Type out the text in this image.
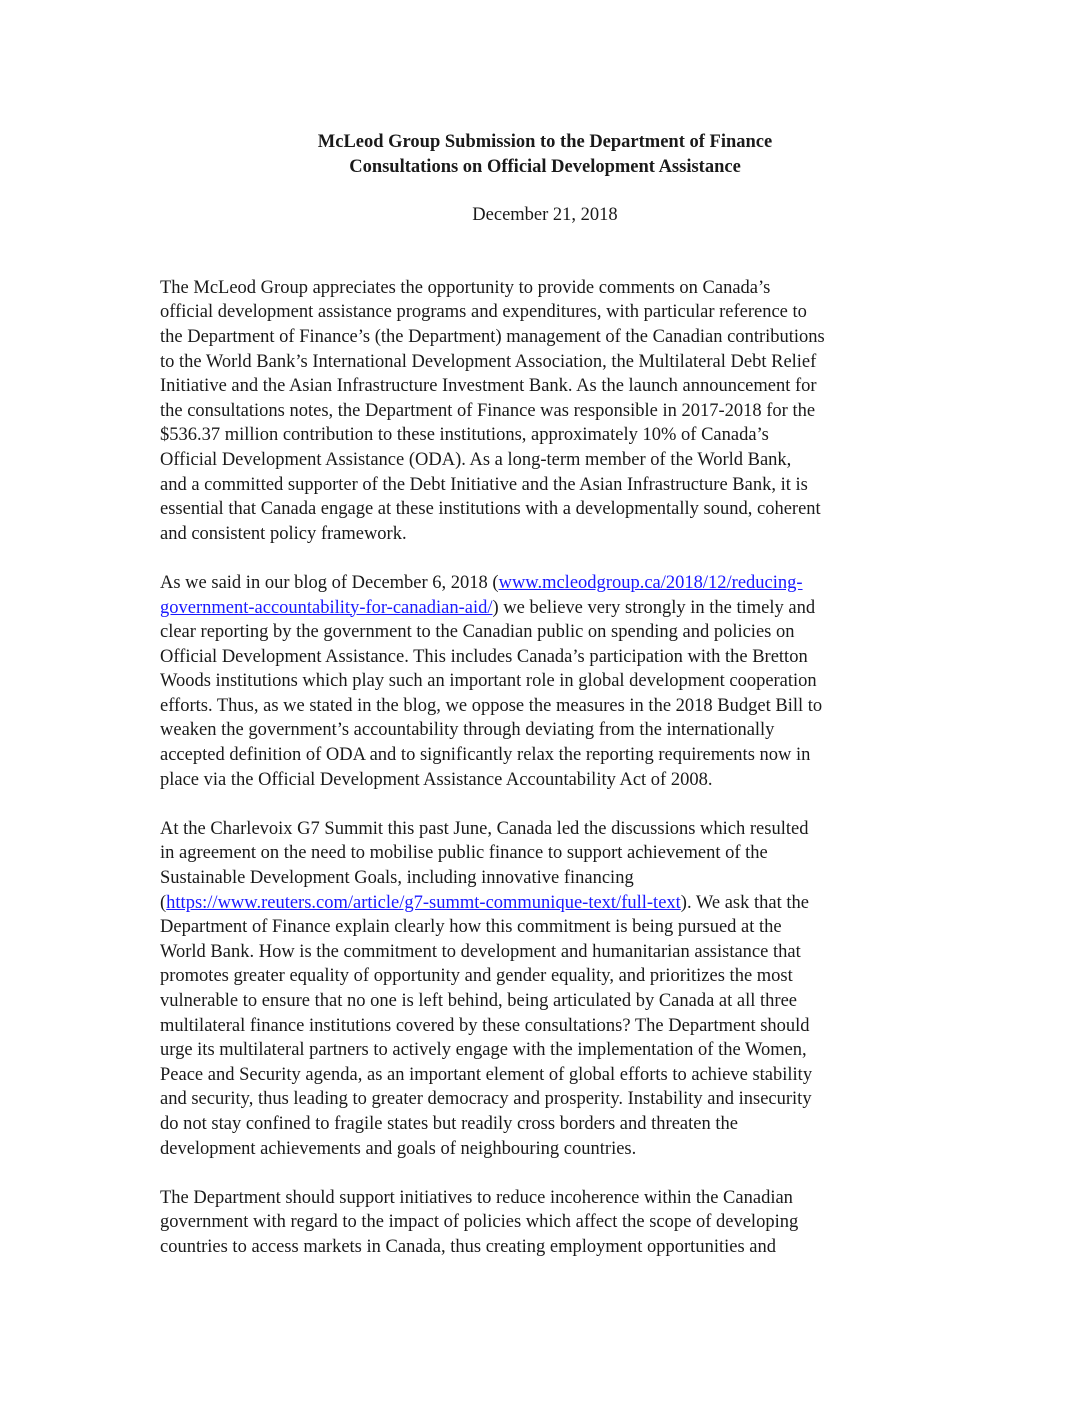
McLeod Group Submission to the Department of Finance
Consultations on Official Development Assistance

December 21, 2018

The McLeod Group appreciates the opportunity to provide comments on Canada’s
official development assistance programs and expenditures, with particular reference to
the Department of Finance’s (the Department) management of the Canadian contributions
to the World Bank’s International Development Association, the Multilateral Debt Relief
Initiative and the Asian Infrastructure Investment Bank. As the launch announcement for
the consultations notes, the Department of Finance was responsible in 2017-2018 for the
$536.37 million contribution to these institutions, approximately 10% of Canada’s
Official Development Assistance (ODA). As a long-term member of the World Bank,
and a committed supporter of the Debt Initiative and the Asian Infrastructure Bank, it is
essential that Canada engage at these institutions with a developmentally sound, coherent
and consistent policy framework.

As we said in our blog of December 6, 2018 (www.mcleodgroup.ca/2018/12/reducing-
government-accountability-for-canadian-aid/) we believe very strongly in the timely and
clear reporting by the government to the Canadian public on spending and policies on
Official Development Assistance. This includes Canada’s participation with the Bretton
Woods institutions which play such an important role in global development cooperation
efforts. Thus, as we stated in the blog, we oppose the measures in the 2018 Budget Bill to
weaken the government’s accountability through deviating from the internationally
accepted definition of ODA and to significantly relax the reporting requirements now in
place via the Official Development Assistance Accountability Act of 2008.

At the Charlevoix G7 Summit this past June, Canada led the discussions which resulted
in agreement on the need to mobilise public finance to support achievement of the
Sustainable Development Goals, including innovative financing
(https://www.reuters.com/article/g7-summt-communique-text/full-text). We ask that the
Department of Finance explain clearly how this commitment is being pursued at the
World Bank. How is the commitment to development and humanitarian assistance that
promotes greater equality of opportunity and gender equality, and prioritizes the most
vulnerable to ensure that no one is left behind, being articulated by Canada at all three
multilateral finance institutions covered by these consultations? The Department should
urge its multilateral partners to actively engage with the implementation of the Women,
Peace and Security agenda, as an important element of global efforts to achieve stability
and security, thus leading to greater democracy and prosperity. Instability and insecurity
do not stay confined to fragile states but readily cross borders and threaten the
development achievements and goals of neighbouring countries.

The Department should support initiatives to reduce incoherence within the Canadian
government with regard to the impact of policies which affect the scope of developing
countries to access markets in Canada, thus creating employment opportunities and
